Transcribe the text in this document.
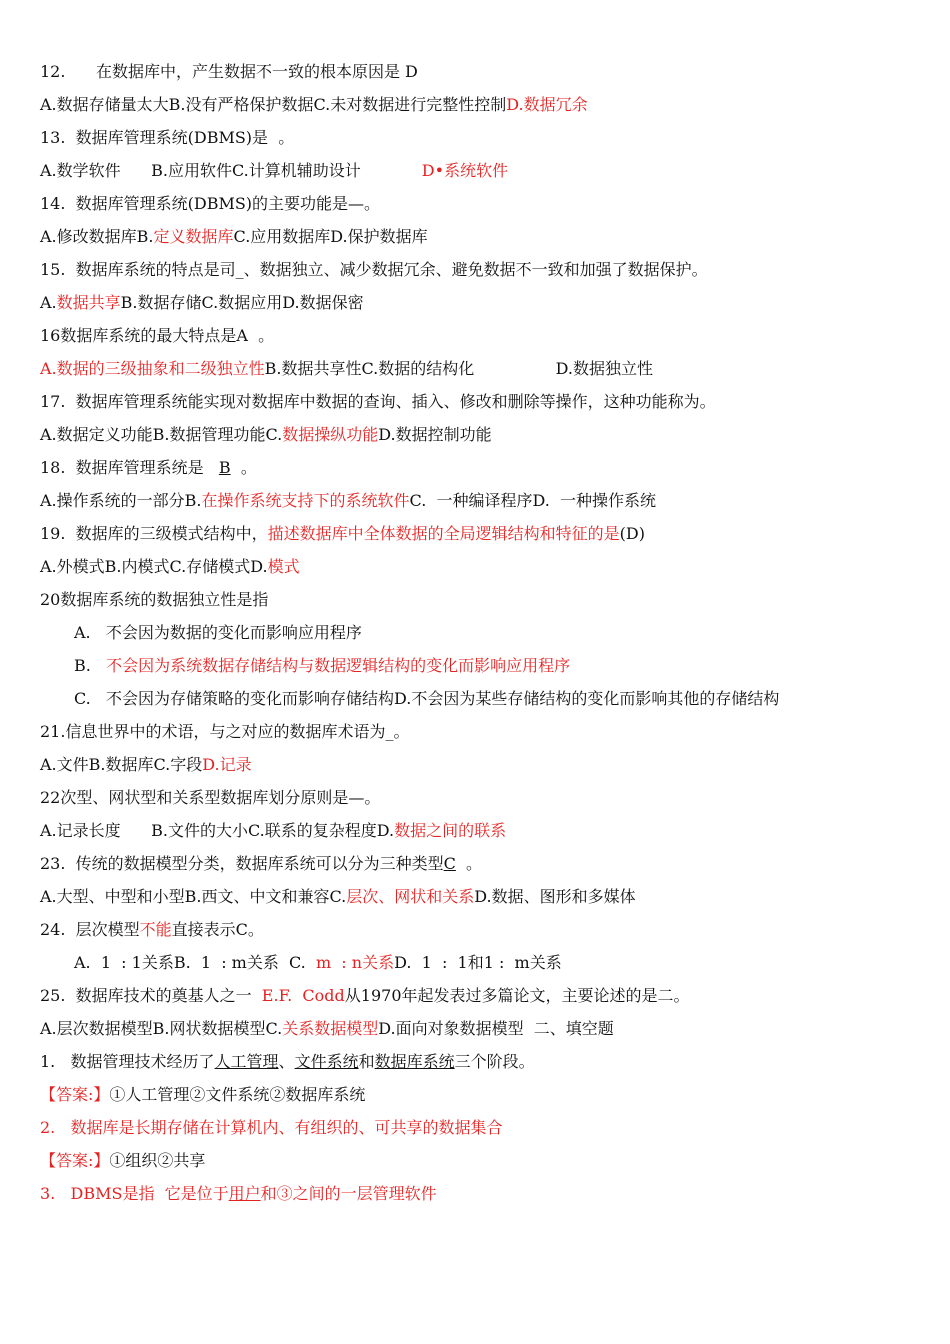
12.      在数据库中，产生数据不一致的根本原因是 D
A.数据存储量太大B.没有严格保护数据C.未对数据进行完整性控制D.数据冗余
13.  数据库管理系统(DBMS)是  。
A.数学软件      B.应用软件C.计算机辅助设计	D•系统软件
14.  数据库管理系统(DBMS)的主要功能是—。
A.修改数据库B.定义数据库C.应用数据库D.保护数据库
15.  数据库系统的特点是司_、数据独立、减少数据冗余、避免数据不一致和加强了数据保护。
A.数据共享B.数据存储C.数据应用D.数据保密
16数据库系统的最大特点是A  。
A.数据的三级抽象和二级独立性B.数据共享性C.数据的结构化	D.数据独立性
17.  数据库管理系统能实现对数据库中数据的查询、插入、修改和删除等操作，这种功能称为。
A.数据定义功能B.数据管理功能C.数据操纵功能D.数据控制功能
18.  数据库管理系统是   B  。
A.操作系统的一部分B.在操作系统支持下的系统软件C.  一种编译程序D.  一种操作系统
19.  数据库的三级模式结构中，描述数据库中全体数据的全局逻辑结构和特征的是(D)
A.外模式B.内模式C.存储模式D.模式
20数据库系统的数据独立性是指
A.   不会因为数据的变化而影响应用程序
B.   不会因为系统数据存储结构与数据逻辑结构的变化而影响应用程序
C.   不会因为存储策略的变化而影响存储结构D.不会因为某些存储结构的变化而影响其他的存储结构
21.信息世界中的术语，与之对应的数据库术语为_。
A.文件B.数据库C.字段D.记录
22次型、网状型和关系型数据库划分原则是—。
A.记录长度      B.文件的大小C.联系的复杂程度D.数据之间的联系
23.  传统的数据模型分类，数据库系统可以分为三种类型C  。
A.大型、中型和小型B.西文、中文和兼容C.层次、网状和关系D.数据、图形和多媒体
24.  层次模型不能直接表示C。
A.  1  : 1关系B.  1  : m关系  C.  m  : n关系D.  1  :  1和1 :  m关系
25.  数据库技术的奠基人之一  E.F.  Codd从1970年起发表过多篇论文，主要论述的是二。
A.层次数据模型B.网状数据模型C.关系数据模型D.面向对象数据模型  二、填空题
1.   数据管理技术经历了人工管理、文件系统和数据库系统三个阶段。
【答案:】①人工管理②文件系统②数据库系统
2.   数据库是长期存储在计算机内、有组织的、可共享的数据集合
【答案:】①组织②共享
3.   DBMS是指  它是位于用户和③之间的一层管理软件
